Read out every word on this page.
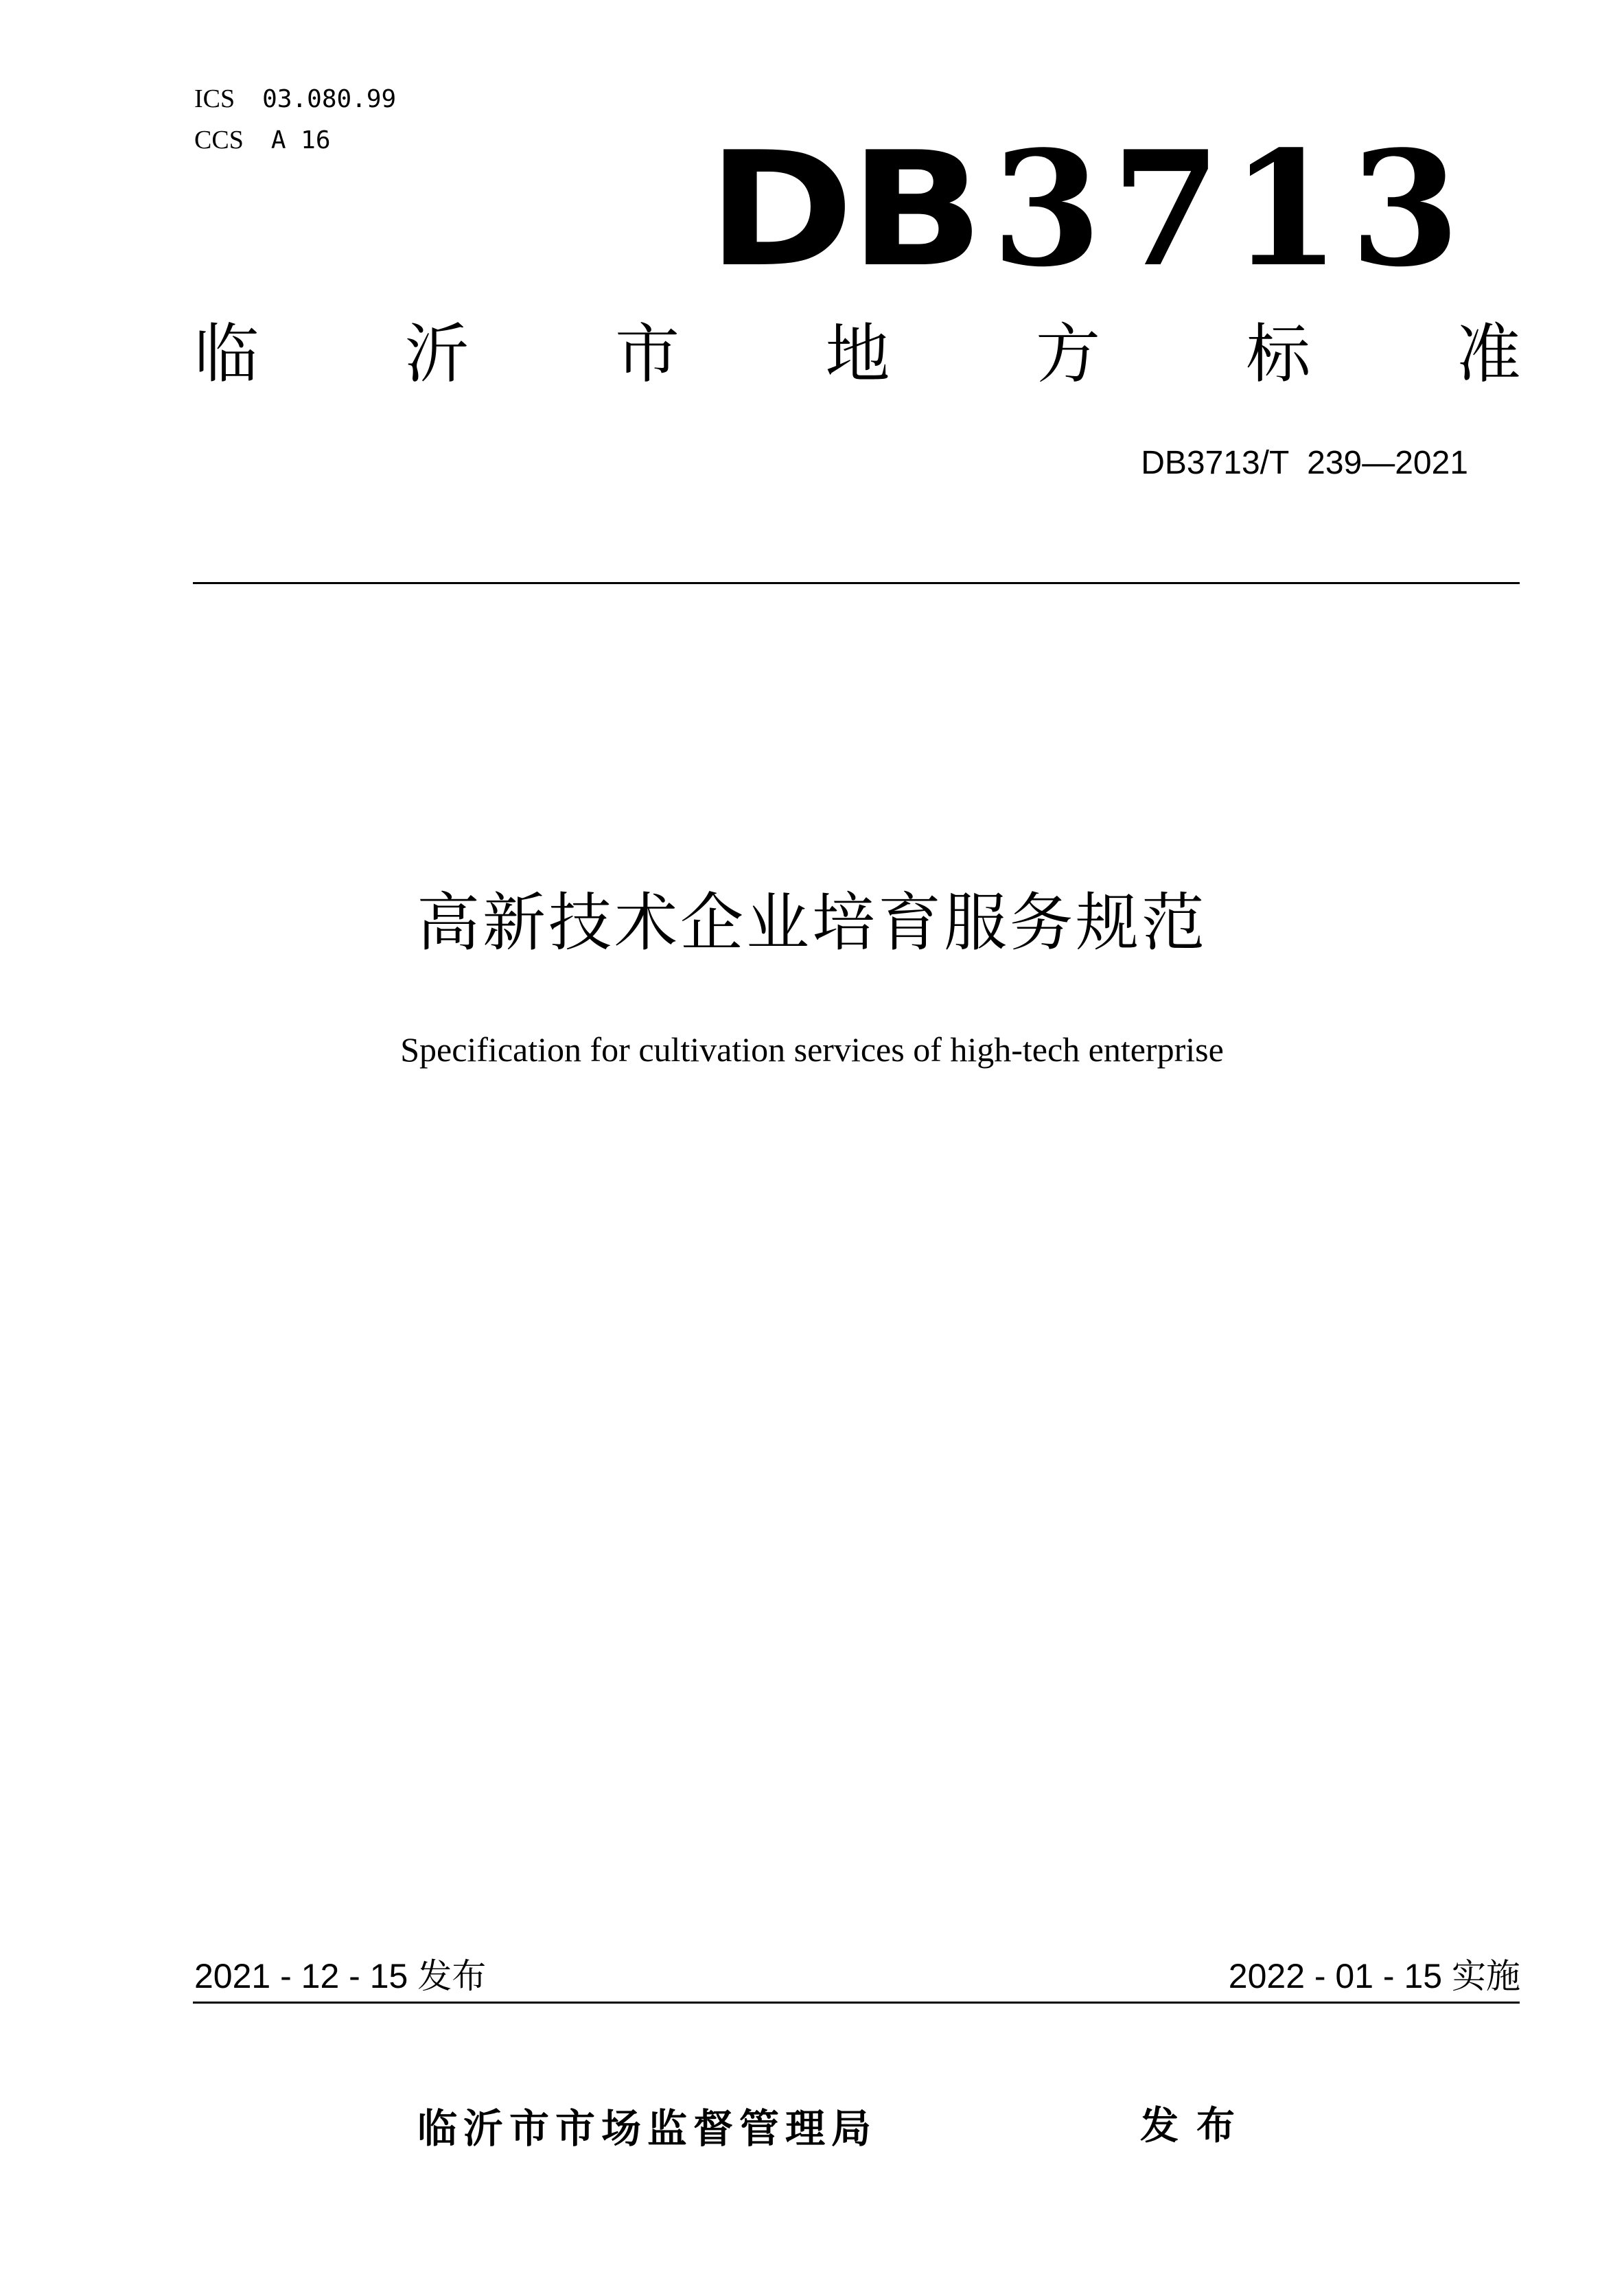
ICS 03.080.99
CCS A 16 DB3713
临 沂 市 地 方 标 准
DB3713/T  239—2021
高新技术企业培育服务规范
Specification for cultivation services of high-tech enterprise
2021 - 12 - 15 发布	2022 - 01 - 15 实施
临沂市市场监督管理局	发布
